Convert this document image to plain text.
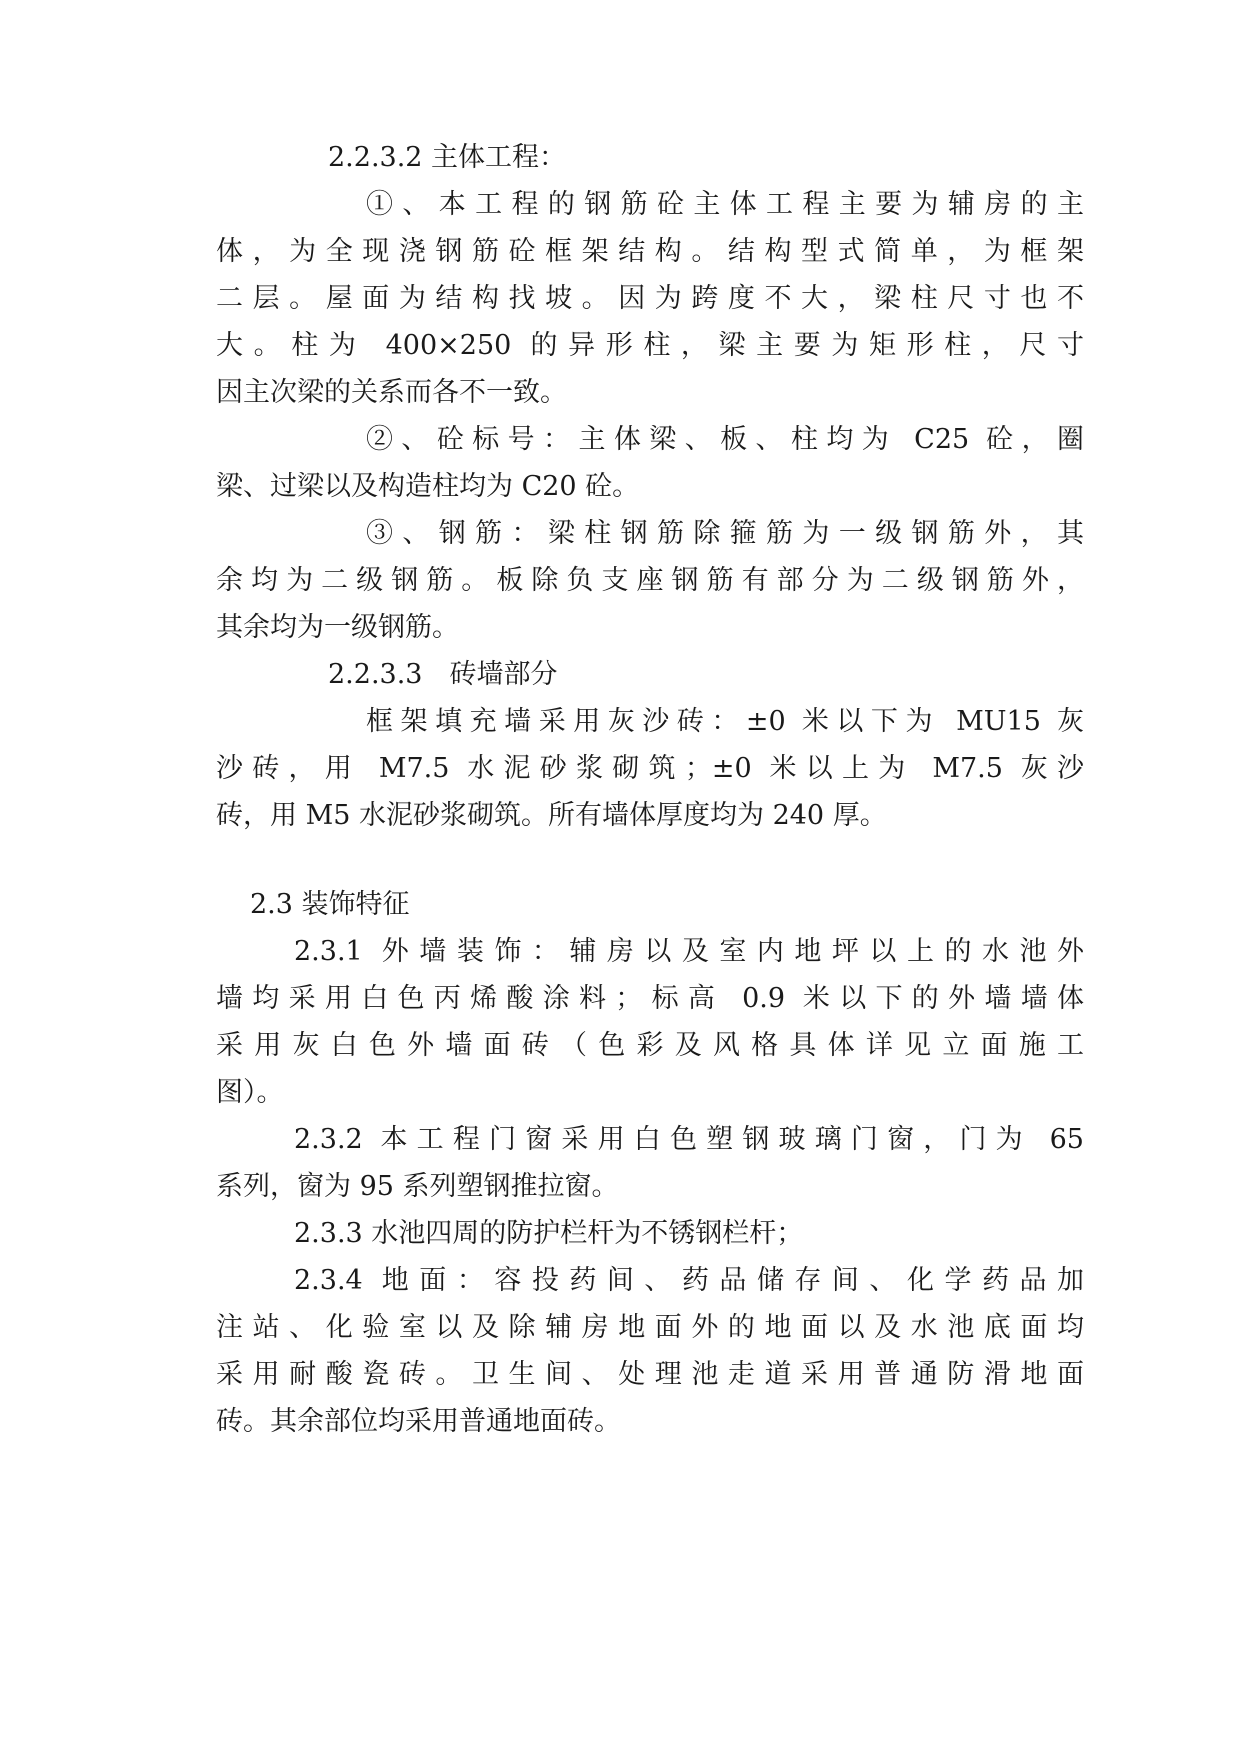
2.2.3.2 主体工程：
①、本工程的钢筋砼主体工程主要为辅房的主
体，为全现浇钢筋砼框架结构。结构型式简单，为框架
二层。屋面为结构找坡。因为跨度不大，梁柱尺寸也不
大。柱为 400×250 的异形柱，梁主要为矩形柱，尺寸
因主次梁的关系而各不一致。
②、砼标号：主体梁、板、柱均为 C25 砼，圈
梁、过梁以及构造柱均为 C20 砼。
③、钢筋：梁柱钢筋除箍筋为一级钢筋外，其
余均为二级钢筋。板除负支座钢筋有部分为二级钢筋外，
其余均为一级钢筋。
2.2.3.3　砖墙部分
框架填充墙采用灰沙砖：±0 米以下为 MU15 灰
沙砖，用 M7.5 水泥砂浆砌筑；±0 米以上为 M7.5 灰沙
砖，用 M5 水泥砂浆砌筑。所有墙体厚度均为 240 厚。
2.3 装饰特征
2.3.1 外墙装饰：辅房以及室内地坪以上的水池外
墙均采用白色丙烯酸涂料；标高 0.9 米以下的外墙墙体
采用灰白色外墙面砖（色彩及风格具体详见立面施工
图）。
2.3.2 本工程门窗采用白色塑钢玻璃门窗，门为 65
系列，窗为 95 系列塑钢推拉窗。
2.3.3 水池四周的防护栏杆为不锈钢栏杆；
2.3.4 地面：容投药间、药品储存间、化学药品加
注站、化验室以及除辅房地面外的地面以及水池底面均
采用耐酸瓷砖。卫生间、处理池走道采用普通防滑地面
砖。其余部位均采用普通地面砖。
